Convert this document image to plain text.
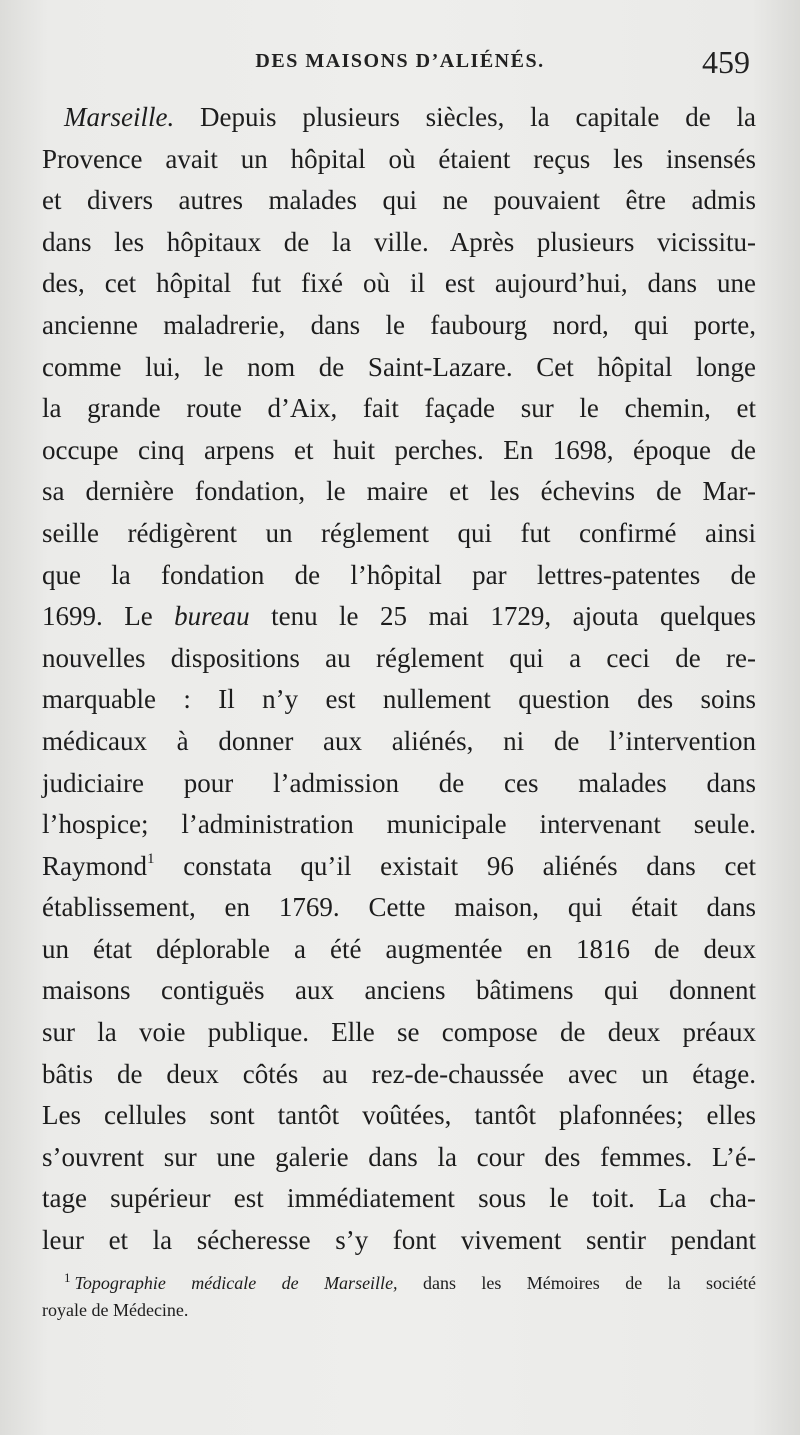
DES MAISONS D’ALIÉNÉS.	459
Marseille. Depuis plusieurs siècles, la capitale de la
Provence avait un hôpital où étaient reçus les insensés
et divers autres malades qui ne pouvaient être admis
dans les hôpitaux de la ville. Après plusieurs vicissitu-
des, cet hôpital fut fixé où il est aujourd’hui, dans une
ancienne maladrerie, dans le faubourg nord, qui porte,
comme lui, le nom de Saint-Lazare. Cet hôpital longe
la grande route d’Aix, fait façade sur le chemin, et
occupe cinq arpens et huit perches. En 1698, époque de
sa dernière fondation, le maire et les échevins de Mar-
seille rédigèrent un réglement qui fut confirmé ainsi
que la fondation de l’hôpital par lettres-patentes de
1699. Le bureau tenu le 25 mai 1729, ajouta quelques
nouvelles dispositions au réglement qui a ceci de re-
marquable : Il n’y est nullement question des soins
médicaux à donner aux aliénés, ni de l’intervention
judiciaire pour l’admission de ces malades dans
l’hospice; l’administration municipale intervenant seule.
Raymond$^1$ constata qu’il existait 96 aliénés dans cet
établissement, en 1769. Cette maison, qui était dans
un état déplorable a été augmentée en 1816 de deux
maisons contiguës aux anciens bâtimens qui donnent
sur la voie publique. Elle se compose de deux préaux
bâtis de deux côtés au rez-de-chaussée avec un étage.
Les cellules sont tantôt voûtées, tantôt plafonnées; elles
s’ouvrent sur une galerie dans la cour des femmes. L’é-
tage supérieur est immédiatement sous le toit. La cha-
leur et la sécheresse s’y font vivement sentir pendant
$^1$ Topographie médicale de Marseille, dans les Mémoires de la société
royale de Médecine.
